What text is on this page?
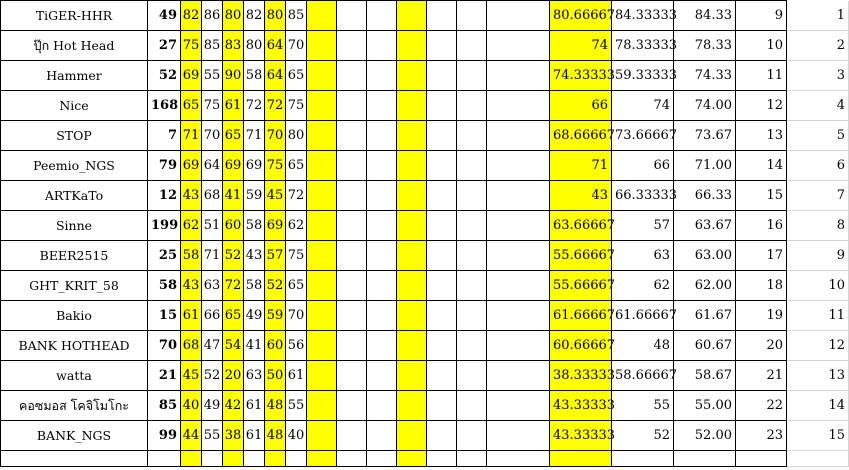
TiGER-HHR	49	82	86	80	82	80	85								80.66667	84.33333	84.33	9	1
ปุ๊ก Hot Head	27	75	85	83	80	64	70								74	78.33333	78.33	10	2
Hammer	52	69	55	90	58	64	65								74.33333	59.33333	74.33	11	3
Nice	168	65	75	61	72	72	75								66	74	74.00	12	4
STOP	7	71	70	65	71	70	80								68.66667	73.66667	73.67	13	5
Peemio_NGS	79	69	64	69	69	75	65								71	66	71.00	14	6
ARTKaTo	12	43	68	41	59	45	72								43	66.33333	66.33	15	7
Sinne	199	62	51	60	58	69	62								63.66667	57	63.67	16	8
BEER2515	25	58	71	52	43	57	75								55.66667	63	63.00	17	9
GHT_KRIT_58	58	43	63	72	58	52	65								55.66667	62	62.00	18	10
Bakio	15	61	66	65	49	59	70								61.66667	61.66667	61.67	19	11
BANK HOTHEAD	70	68	47	54	41	60	56								60.66667	48	60.67	20	12
watta	21	45	52	20	63	50	61								38.33333	58.66667	58.67	21	13
คอซมอส โคจิโมโกะ	85	40	49	42	61	48	55								43.33333	55	55.00	22	14
BANK_NGS	99	44	55	38	61	48	40								43.33333	52	52.00	23	15
